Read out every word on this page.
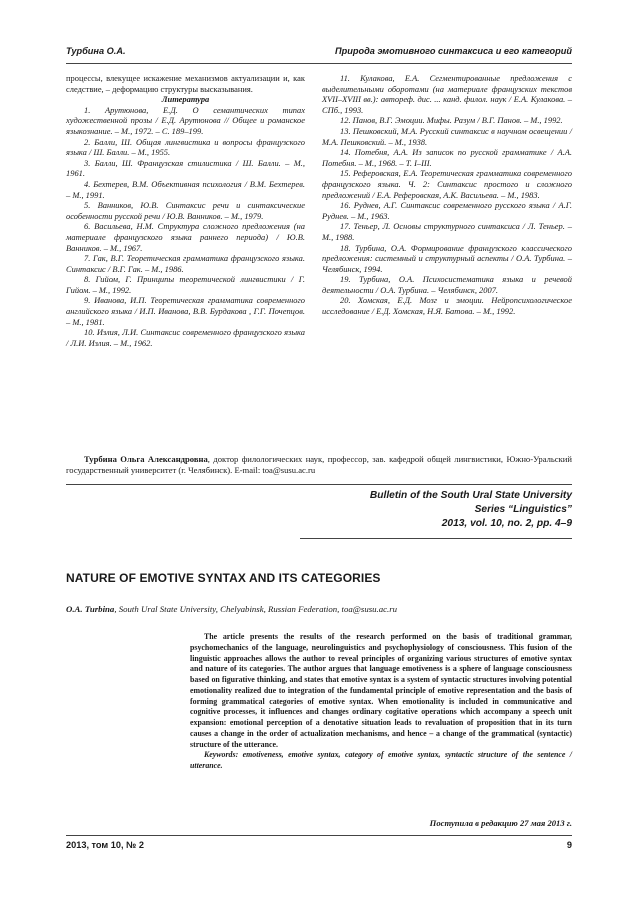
Турбина О.А.	Природа эмотивного синтаксиса и его категорий

процессы, влекущее искажение механизмов актуализации и, как следствие, – деформацию структуры высказывания.

Литература

1. Арутюнова, Е.Д. О семантических типах художественной прозы / Е.Д. Арутюнова // Общее и романское языкознание. – М., 1972. – С. 189–199.

2. Балли, Ш. Общая лингвистика и вопросы французского языка / Ш. Балли. – М., 1955.

3. Балли, Ш. Французская стилистика / Ш. Балли. – М., 1961.

4. Бехтерев, В.М. Объективная психология / В.М. Бехтерев. – М., 1991.

5. Ванников, Ю.В. Синтаксис речи и синтаксические особенности русской речи / Ю.В. Ванников. – М., 1979.

6. Васильева, Н.М. Структура сложного предложения (на материале французского языка раннего периода) / Ю.В. Ванников. – М., 1967.

7. Гак, В.Г. Теоретическая грамматика французского языка. Синтаксис / В.Г. Гак. – М., 1986.

8. Гийом, Г. Принципы теоретической лингвистики / Г. Гийом. – М., 1992.

9. Иванова, И.П. Теоретическая грамматика современного английского языка / И.П. Иванова, В.В. Бурдакова , Г.Г. Почепцов. – М., 1981.

10. Излия, Л.И. Синтаксис современного французского языка / Л.И. Излия. – М., 1962.

11. Кулакова, Е.А. Сегментированные предложения с выделительными оборотами (на материале французских текстов XVII–XVIII вв.): автореф. дис. ... канд. филол. наук / Е.А. Кулакова. – СПб., 1993.

12. Панов, В.Г. Эмоции. Мифы. Разум / В.Г. Панов. – М., 1992.

13. Пешковский, М.А. Русский синтаксис в научном освещении / М.А. Пешковский. – М., 1938.

14. Потебня, А.А. Из записок по русской грамматике / А.А. Потебня. – М., 1968. – Т. I–III.

15. Реферовская, Е.А. Теоретическая грамматика современного французского языка. Ч. 2: Синтаксис простого и сложного предложений / Е.А. Реферовская, А.К. Васильева. – М., 1983.

16. Руднев, А.Г. Синтаксис современного русского языка / А.Г. Руднев. – М., 1963.

17. Теньер, Л. Основы структурного синтаксиса / Л. Теньер. – М., 1988.

18. Турбина, О.А. Формирование французского классического предложения: системный и структурный аспекты / О.А. Турбина. – Челябинск, 1994.

19. Турбина, О.А. Психосистематика языка и речевой деятельности / О.А. Турбина. – Челябинск, 2007.

20. Хомская, Е.Д. Мозг и эмоции. Нейропсихологическое исследование / Е.Д. Хомская, Н.Я. Батова. – М., 1992.

Турбина Ольга Александровна, доктор филологических наук, профессор, зав. кафедрой общей лингвистики, Южно-Уральский государственный университет (г. Челябинск). E-mail: toa@susu.ac.ru
Bulletin of the South Ural State University
Series “Linguistics”
2013, vol. 10, no. 2, pp. 4–9
NATURE OF EMOTIVE SYNTAX AND ITS CATEGORIES
O.A. Turbina, South Ural State University, Chelyabinsk, Russian Federation, toa@susu.ac.ru

The article presents the results of the research performed on the basis of traditional grammar, psychomechanics of the language, neurolinguistics and psychophysiology of consciousness. This fusion of the linguistic approaches allows the author to reveal principles of organizing various structures of emotive syntax and nature of its categories. The author argues that language emotiveness is a sphere of language consciousness based on figurative thinking, and states that emotive syntax is a system of syntactic structures involving potential emotionality realized due to integration of the fundamental principle of emotive representation and the basis of forming grammatical categories of emotive syntax. When emotionality is included in communicative and cognitive processes, it influences and changes ordinary cogitative operations which accompany a speech unit expansion: emotional perception of a denotative situation leads to revaluation of proposition that in its turn causes a change in the order of actualization mechanisms, and hence – a change of the grammatical (syntactic) structure of the utterance.

Keywords: emotiveness, emotive syntax, category of emotive syntax, syntactic structure of the sentence / utterance.

Поступила в редакцию 27 мая 2013 г.
2013, том 10, № 2	9
